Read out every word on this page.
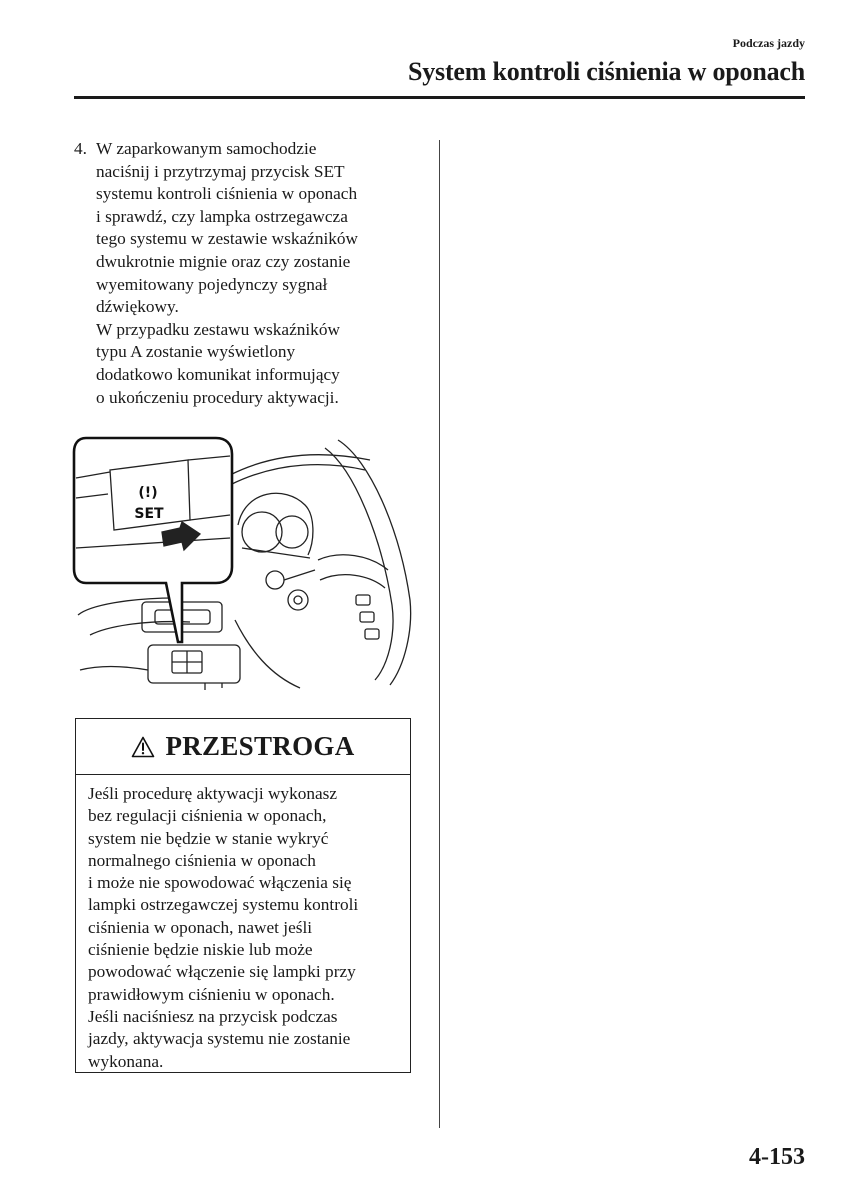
Podczas jazdy
System kontroli ciśnienia w oponach
4. W zaparkowanym samochodzie
naciśnij i przytrzymaj przycisk SET
systemu kontroli ciśnienia w oponach
i sprawdź, czy lampka ostrzegawcza
tego systemu w zestawie wskaźników
dwukrotnie mignie oraz czy zostanie
wyemitowany pojedynczy sygnał
dźwiękowy.
W przypadku zestawu wskaźników
typu A zostanie wyświetlony
dodatkowo komunikat informujący
o ukończeniu procedury aktywacji.
(!)
SET
PRZESTROGA
Jeśli procedurę aktywacji wykonasz
bez regulacji ciśnienia w oponach,
system nie będzie w stanie wykryć
normalnego ciśnienia w oponach
i może nie spowodować włączenia się
lampki ostrzegawczej systemu kontroli
ciśnienia w oponach, nawet jeśli
ciśnienie będzie niskie lub może
powodować włączenie się lampki przy
prawidłowym ciśnieniu w oponach.
Jeśli naciśniesz na przycisk podczas
jazdy, aktywacja systemu nie zostanie
wykonana.
4-153
